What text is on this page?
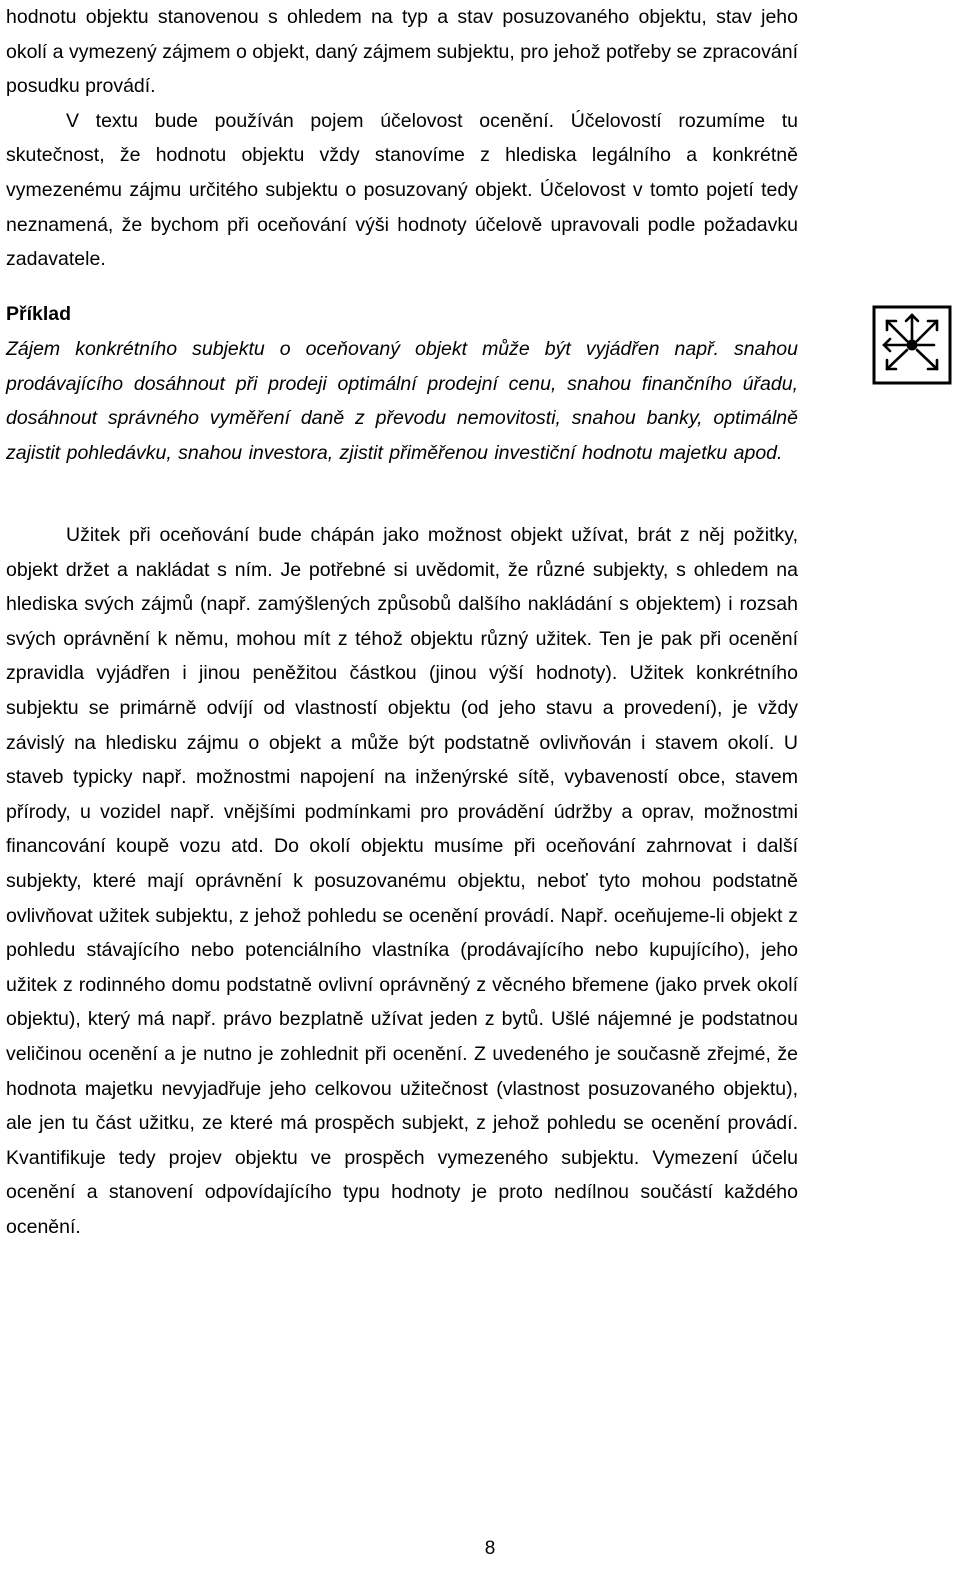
hodnotu objektu stanovenou s ohledem na typ a stav posuzovaného objektu, stav jeho okolí a vymezený zájmem o objekt, daný zájmem subjektu, pro jehož potřeby se zpracování posudku provádí.

V textu bude používán pojem účelovost ocenění. Účelovostí rozumíme tu skutečnost, že hodnotu objektu vždy stanovíme z hlediska legálního a konkrétně vymezenému zájmu určitého subjektu o posuzovaný objekt. Účelovost v tomto pojetí tedy neznamená, že bychom při oceňování výši hodnoty účelově upravovali podle požadavku zadavatele.

Příklad
Zájem konkrétního subjektu o oceňovaný objekt může být vyjádřen např. snahou prodávajícího dosáhnout při prodeji optimální prodejní cenu, snahou finančního úřadu, dosáhnout správného vyměření daně z převodu nemovitosti, snahou banky, optimálně zajistit pohledávku, snahou investora, zjistit přiměřenou investiční hodnotu majetku apod.

Užitek při oceňování bude chápán jako možnost objekt užívat, brát z něj požitky, objekt držet a nakládat s ním. Je potřebné si uvědomit, že různé subjekty, s ohledem na hlediska svých zájmů (např. zamýšlených způsobů dalšího nakládání s objektem) i rozsah svých oprávnění k němu, mohou mít z téhož objektu různý užitek. Ten je pak při ocenění zpravidla vyjádřen i jinou peněžitou částkou (jinou výší hodnoty). Užitek konkrétního subjektu se primárně odvíjí od vlastností objektu (od jeho stavu a provedení), je vždy závislý na hledisku zájmu o objekt a může být podstatně ovlivňován i stavem okolí. U staveb typicky např. možnostmi napojení na inženýrské sítě, vybaveností obce, stavem přírody, u vozidel např. vnějšími podmínkami pro provádění údržby a oprav, možnostmi financování koupě vozu atd. Do okolí objektu musíme při oceňování zahrnovat i další subjekty, které mají oprávnění k posuzovanému objektu, neboť tyto mohou podstatně ovlivňovat užitek subjektu, z jehož pohledu se ocenění provádí. Např. oceňujeme-li objekt z pohledu stávajícího nebo potenciálního vlastníka (prodávajícího nebo kupujícího), jeho užitek z rodinného domu podstatně ovlivní oprávněný z věcného břemene (jako prvek okolí objektu), který má např. právo bezplatně užívat jeden z bytů. Ušlé nájemné je podstatnou veličinou ocenění a je nutno je zohlednit při ocenění. Z uvedeného je současně zřejmé, že hodnota majetku nevyjadřuje jeho celkovou užitečnost (vlastnost posuzovaného objektu), ale jen tu část užitku, ze které má prospěch subjekt, z jehož pohledu se ocenění provádí. Kvantifikuje tedy projev objektu ve prospěch vymezeného subjektu. Vymezení účelu ocenění a stanovení odpovídajícího typu hodnoty je proto nedílnou součástí každého ocenění.

8
